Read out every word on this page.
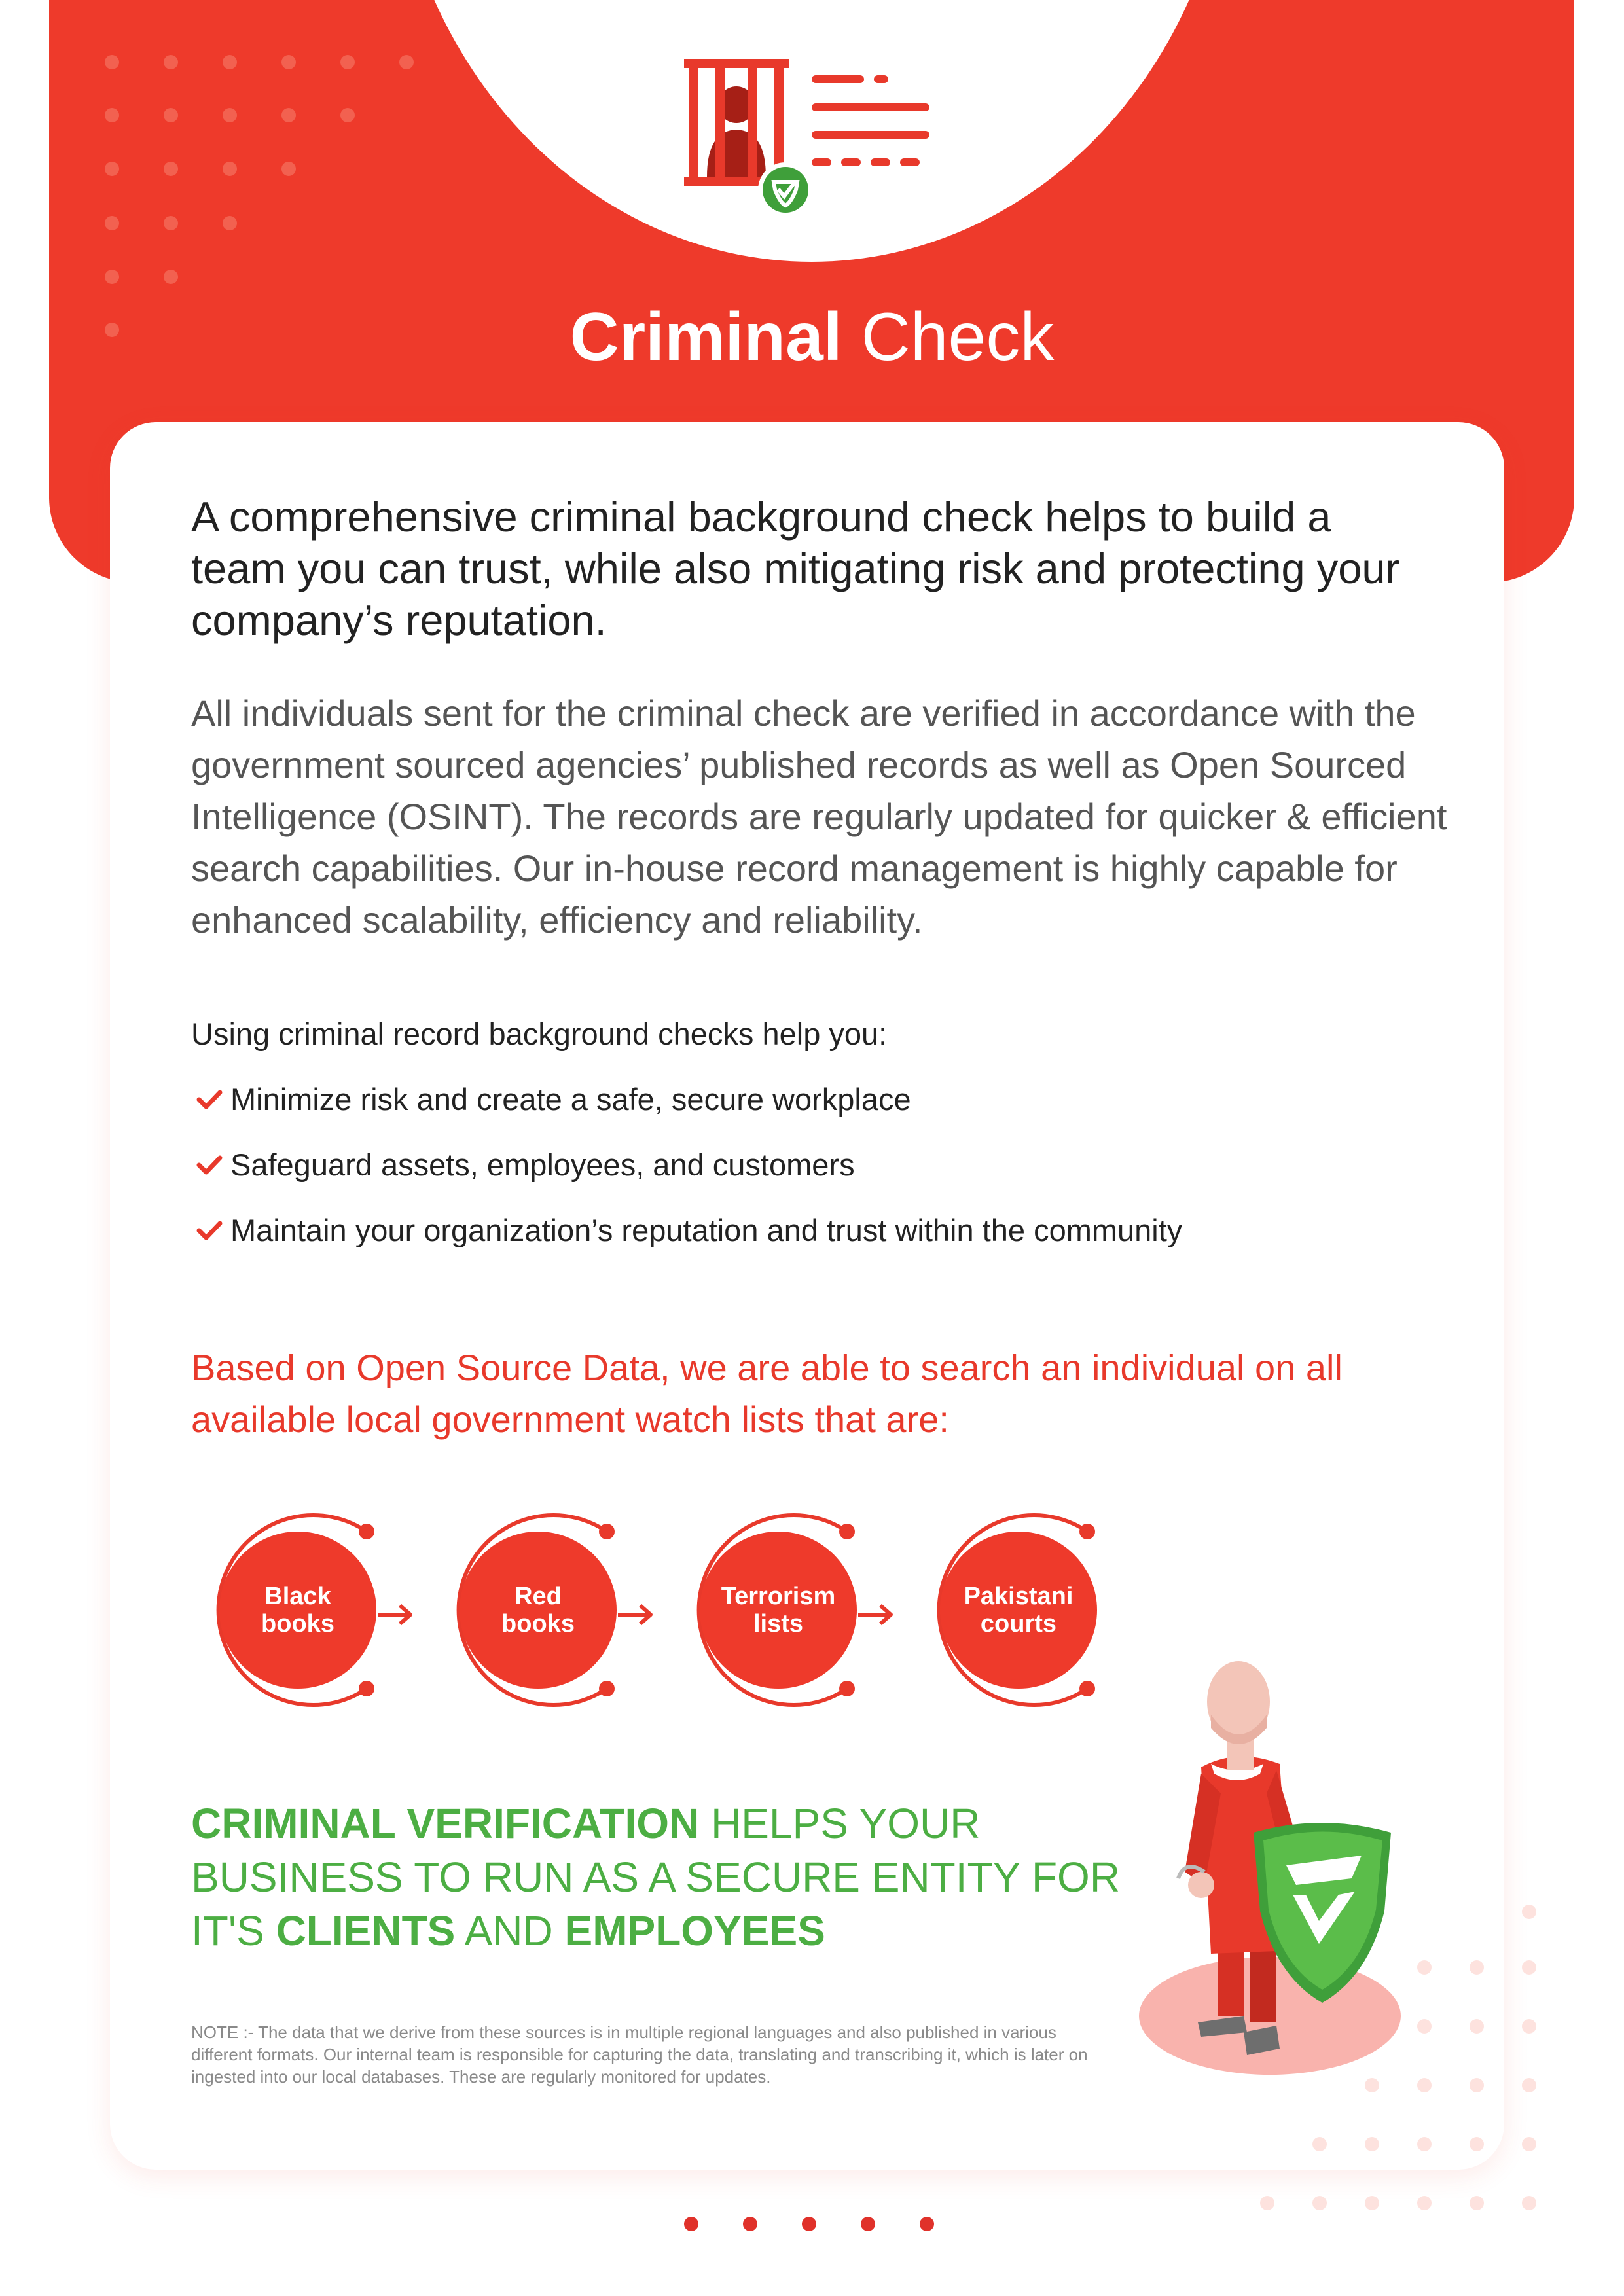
Criminal Check
A comprehensive criminal background check helps to build a team you can trust, while also mitigating risk and protecting your company’s reputation.
All individuals sent for the criminal check are verified in accordance with the government sourced agencies’ published records as well as Open Sourced Intelligence (OSINT). The records are regularly updated for quicker & efficient search capabilities. Our in-house record management is highly capable for enhanced scalability, efficiency and reliability.
Using criminal record background checks help you:
Minimize risk and create a safe, secure workplace
Safeguard assets, employees, and customers
Maintain your organization’s reputation and trust within the community
Based on Open Source Data, we are able to search an individual on all available local government watch lists that are:
Black
books
Red
books
Terrorism
lists
Pakistani
courts
CRIMINAL VERIFICATION HELPS YOUR BUSINESS TO RUN AS A SECURE ENTITY FOR IT'S CLIENTS AND EMPLOYEES
NOTE :- The data that we derive from these sources is in multiple regional languages and also published in various different formats. Our internal team is responsible for capturing the data, translating and transcribing it, which is later on ingested into our local databases. These are regularly monitored for updates.
